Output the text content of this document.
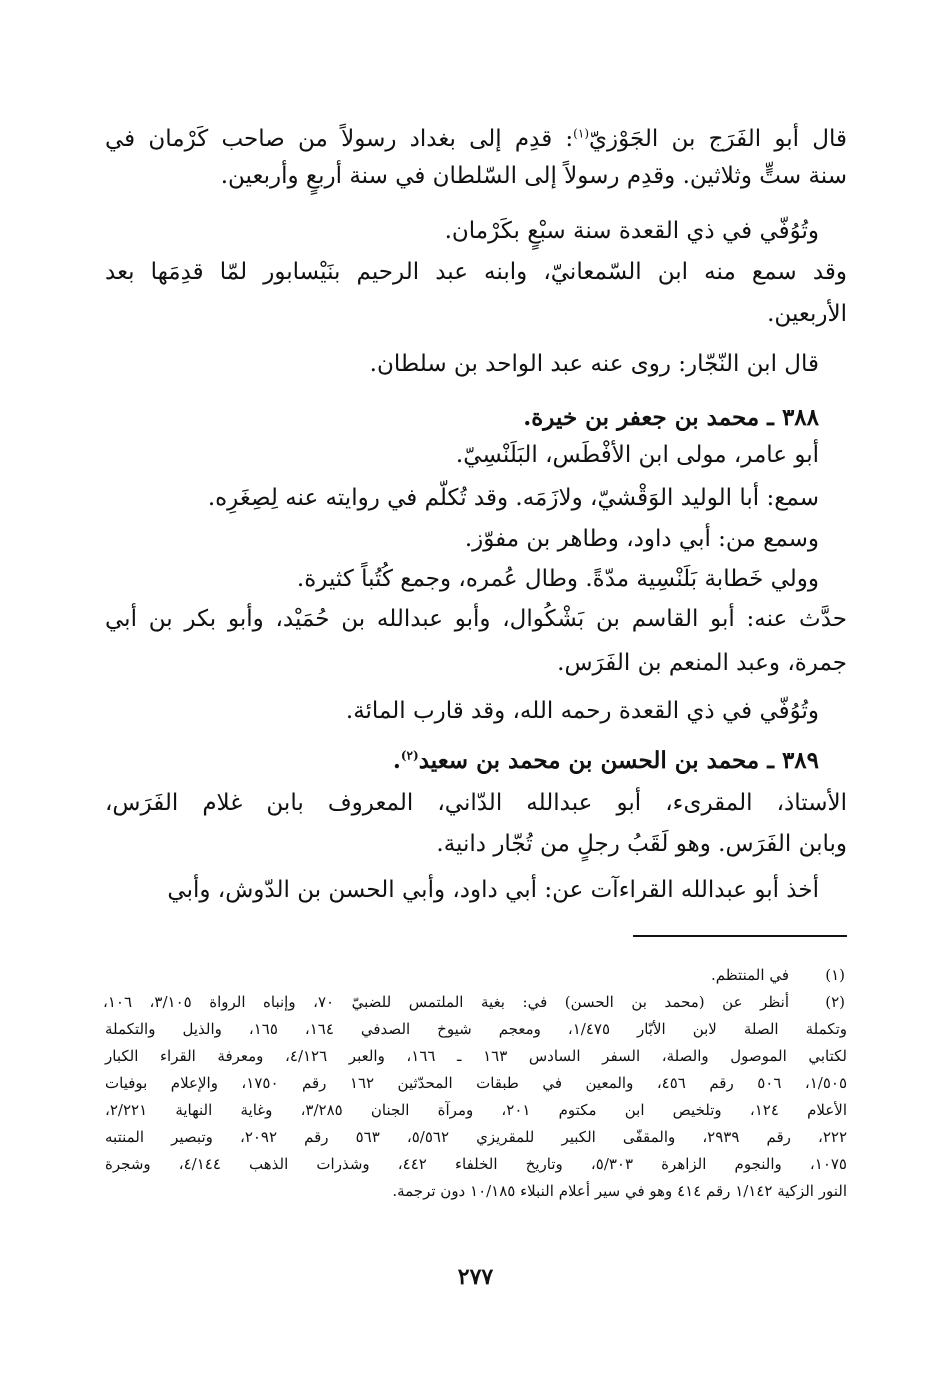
قال أبو الفَرَج بن الجَوْزيّ$^{(١)}$: قدِم إلى بغداد رسولاً من صاحب كَرْمان في
سنة ستٍّ وثلاثين. وقدِم رسولاً إلى السّلطان في سنة أربعٍ وأربعين.
وتُوُفّي في ذي القعدة سنة سبْعٍ بكَرْمان.
وقد سمع منه ابن السّمعانيّ، وابنه عبد الرحيم بنَيْسابور لمّا قدِمَها بعد
الأربعين.
قال ابن النّجّار: روى عنه عبد الواحد بن سلطان.
٣٨٨ ـ محمد بن جعفر بن خيرة.
أبو عامر، مولى ابن الأفْطَس، البَلَنْسِيّ.
سمع: أبا الوليد الوَقْشيّ، ولازَمَه. وقد تُكلّم في روايته عنه لِصِغَرِه.
وسمع من: أبي داود، وطاهر بن مفوّز.
وولي خَطابة بَلَنْسِية مدّةً. وطال عُمره، وجمع كُتُباً كثيرة.
حدَّث عنه: أبو القاسم بن بَشْكُوال، وأبو عبدالله بن حُمَيْد، وأبو بكر بن أبي
جمرة، وعبد المنعم بن الفَرَس.
وتُوُفّي في ذي القعدة رحمه الله، وقد قارب المائة.
٣٨٩ ـ محمد بن الحسن بن محمد بن سعيد$^{(٢)}$.
الأستاذ، المقرىء، أبو عبدالله الدّاني، المعروف بابن غلام الفَرَس،
وبابن الفَرَس. وهو لَقَبُ رجلٍ من تُجّار دانية.
أخذ أبو عبدالله القراءآت عن: أبي داود، وأبي الحسن بن الدّوش، وأبي
(١)
في المنتظم.
(٢)
أنظر عن (محمد بن الحسن) في: بغية الملتمس للضبيّ ٧٠، وإنباه الرواة ٣/١٠٥، ١٠٦،
وتكملة الصلة لابن الأبّار ١/٤٧٥، ومعجم شيوخ الصدفي ١٦٤، ١٦٥، والذيل والتكملة
لكتابي الموصول والصلة، السفر السادس ١٦٣ ـ ١٦٦، والعبر ٤/١٢٦، ومعرفة القراء الكبار
١/٥٠٥، ٥٠٦ رقم ٤٥٦، والمعين في طبقات المحدّثين ١٦٢ رقم ١٧٥٠، والإعلام بوفيات
الأعلام ١٢٤، وتلخيص ابن مكتوم ٢٠١، ومرآة الجنان ٣/٢٨٥، وغاية النهاية ٢/٢٢١،
٢٢٢، رقم ٢٩٣٩، والمقفّى الكبير للمقريزي ٥/٥٦٢، ٥٦٣ رقم ٢٠٩٢، وتبصير المنتبه
١٠٧٥، والنجوم الزاهرة ٥/٣٠٣، وتاريخ الخلفاء ٤٤٢، وشذرات الذهب ٤/١٤٤، وشجرة
النور الزكية ١/١٤٢ رقم ٤١٤ وهو في سير أعلام النبلاء ١٠/١٨٥ دون ترجمة.
٢٧٧
